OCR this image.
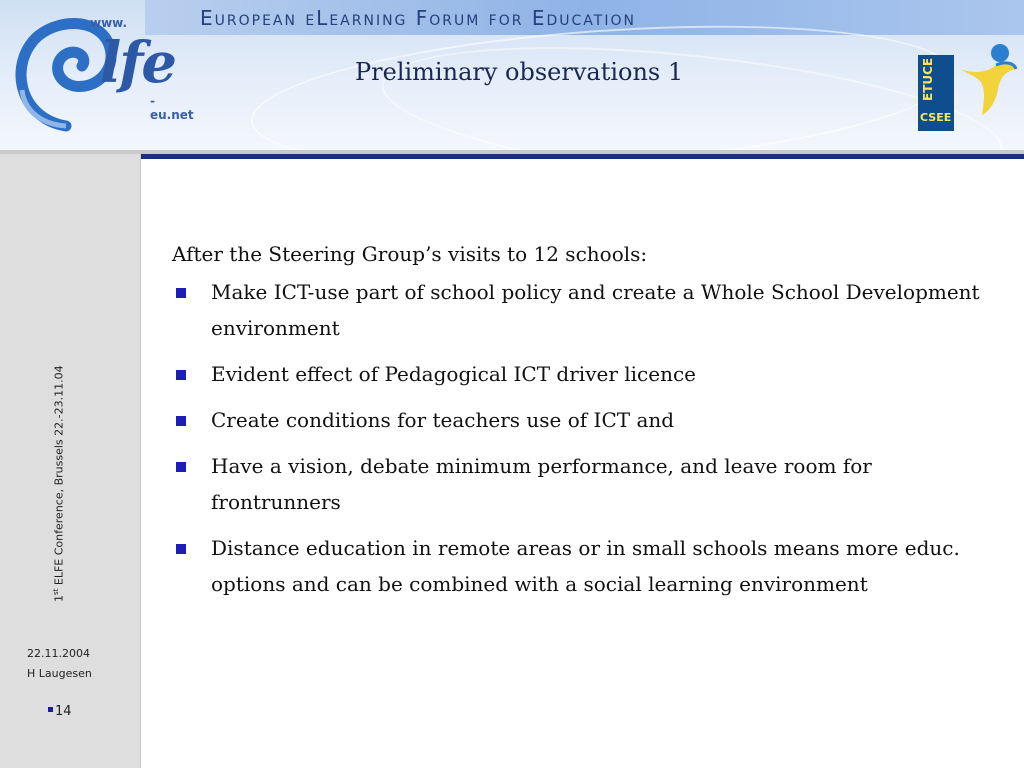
European eLearning Forum for Education
Preliminary observations 1
www.
lfe
-eu.net
ETUCE
CSEE
1st ELFE Conference, Brussels 22.-23.11.04
22.11.2004
H Laugesen
14
After the Steering Group’s visits to 12 schools:
Make ICT-use part of school policy and create a Whole School Development environment
Evident effect of Pedagogical ICT driver licence
Create conditions for teachers use of ICT and
Have a vision, debate minimum performance, and leave room for frontrunners
Distance education in remote areas or in small schools means more educ. options and can be combined with a social learning environment
